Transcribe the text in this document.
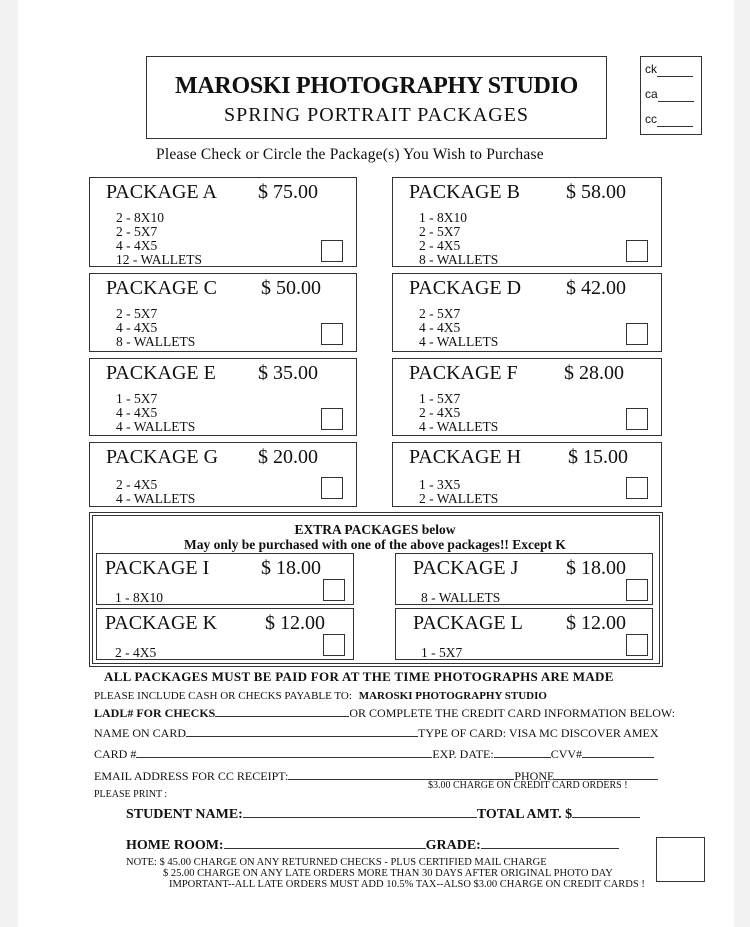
MAROSKI PHOTOGRAPHY STUDIO
SPRING PORTRAIT PACKAGES
ck
ca
cc
Please Check or Circle the Package(s) You Wish to Purchase
PACKAGE A $ 75.00
2 - 8X10
2 - 5X7
4 - 4X5
12 - WALLETS
PACKAGE B $ 58.00
1 - 8X10
2 - 5X7
2 - 4X5
8 - WALLETS
PACKAGE C $ 50.00
2 - 5X7
4 - 4X5
8 - WALLETS
PACKAGE D $ 42.00
2 - 5X7
4 - 4X5
4 - WALLETS
PACKAGE E $ 35.00
1 - 5X7
4 - 4X5
4 - WALLETS
PACKAGE F $ 28.00
1 - 5X7
2 - 4X5
4 - WALLETS
PACKAGE G $ 20.00
2 - 4X5
4 - WALLETS
PACKAGE H $ 15.00
1 - 3X5
2 - WALLETS
EXTRA PACKAGES below
May only be purchased with one of the above packages!! Except K
PACKAGE I	$ 18.00
1 - 8X10
PACKAGE J $ 18.00
8 - WALLETS
PACKAGE K $ 12.00
2 - 4X5
PACKAGE L $ 12.00
1 - 5X7
ALL PACKAGES MUST BE PAID FOR AT THE TIME PHOTOGRAPHS ARE MADE
PLEASE INCLUDE CASH OR CHECKS PAYABLE TO: MAROSKI PHOTOGRAPHY STUDIO
LADL# FOR CHECKS	OR COMPLETE THE CREDIT CARD INFORMATION BELOW:
NAME ON CARD	TYPE OF CARD: VISA MC DISCOVER AMEX
CARD #	EXP. DATE:	CVV#
EMAIL ADDRESS FOR CC RECEIPT:	PHONE
$3.00 CHARGE ON CREDIT CARD ORDERS !
PLEASE PRINT :
STUDENT NAME:	TOTAL AMT. $
HOME ROOM:	GRADE:
NOTE: $ 45.00 CHARGE ON ANY RETURNED CHECKS - PLUS CERTIFIED MAIL CHARGE
$ 25.00 CHARGE ON ANY LATE ORDERS MORE THAN 30 DAYS AFTER ORIGINAL PHOTO DAY
IMPORTANT--ALL LATE ORDERS MUST ADD 10.5% TAX--ALSO $3.00 CHARGE ON CREDIT CARDS !
